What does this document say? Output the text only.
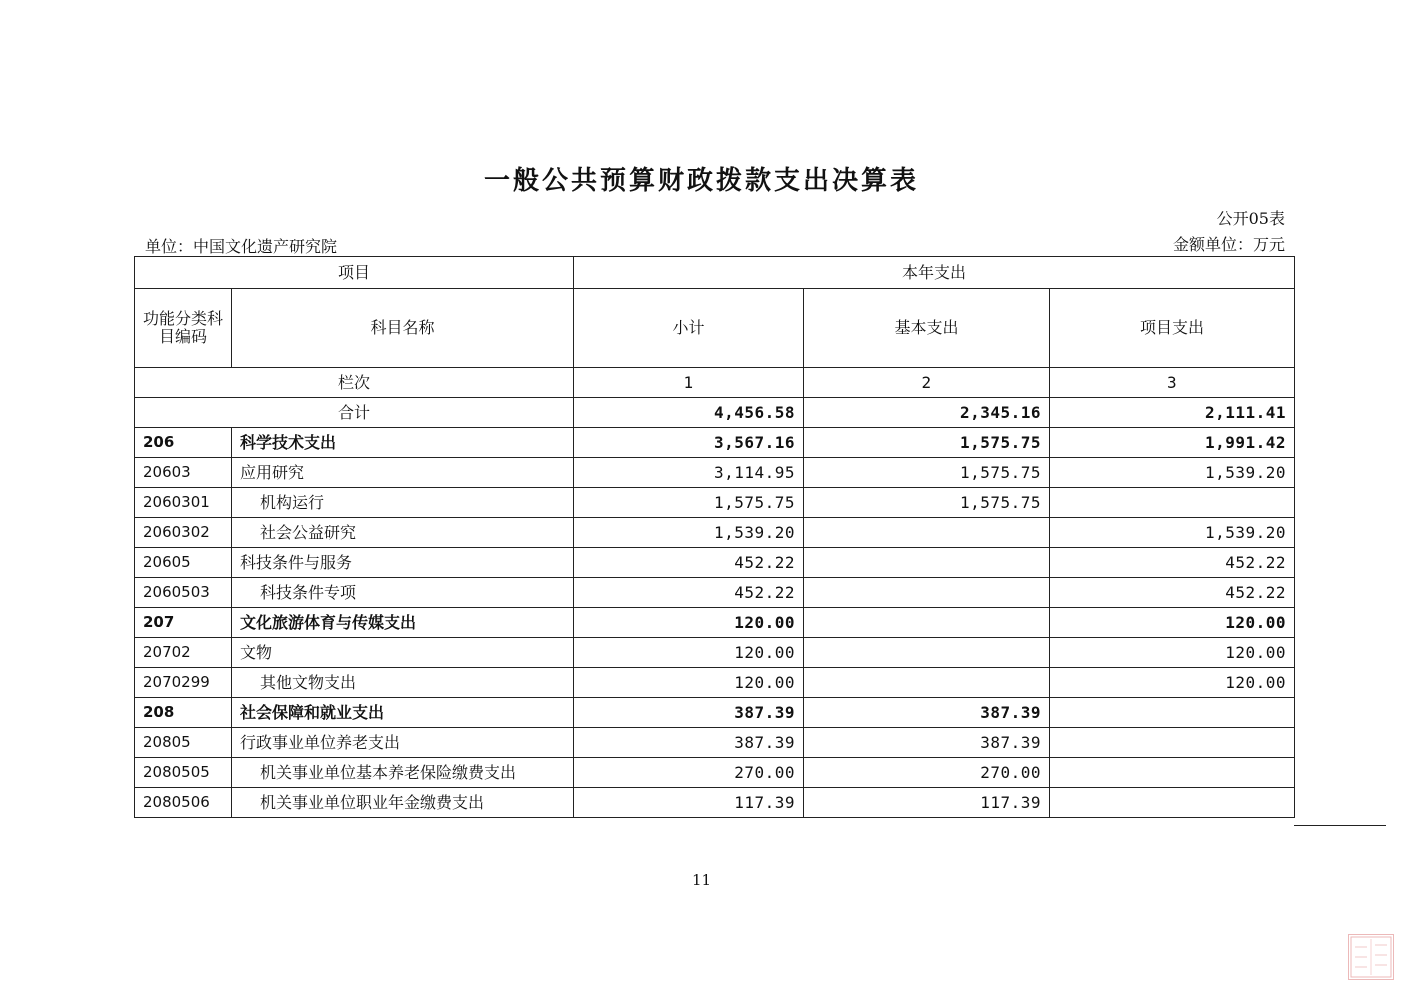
一般公共预算财政拨款支出决算表
公开05表
单位：中国文化遗产研究院	金额单位：万元
项目		本年支出		
功能分类科目编码	科目名称	小计	基本支出	项目支出
栏次		1	2	3
合计		4,456.58	2,345.16	2,111.41
206	科学技术支出	3,567.16	1,575.75	1,991.42
20603	应用研究	3,114.95	1,575.75	1,539.20
2060301	机构运行	1,575.75	1,575.75	
2060302	社会公益研究	1,539.20		1,539.20
20605	科技条件与服务	452.22		452.22
2060503	科技条件专项	452.22		452.22
207	文化旅游体育与传媒支出	120.00		120.00
20702	文物	120.00		120.00
2070299	其他文物支出	120.00		120.00
208	社会保障和就业支出	387.39	387.39	
20805	行政事业单位养老支出	387.39	387.39	
2080505	机关事业单位基本养老保险缴费支出	270.00	270.00	
2080506	机关事业单位职业年金缴费支出	117.39	117.39	
11
